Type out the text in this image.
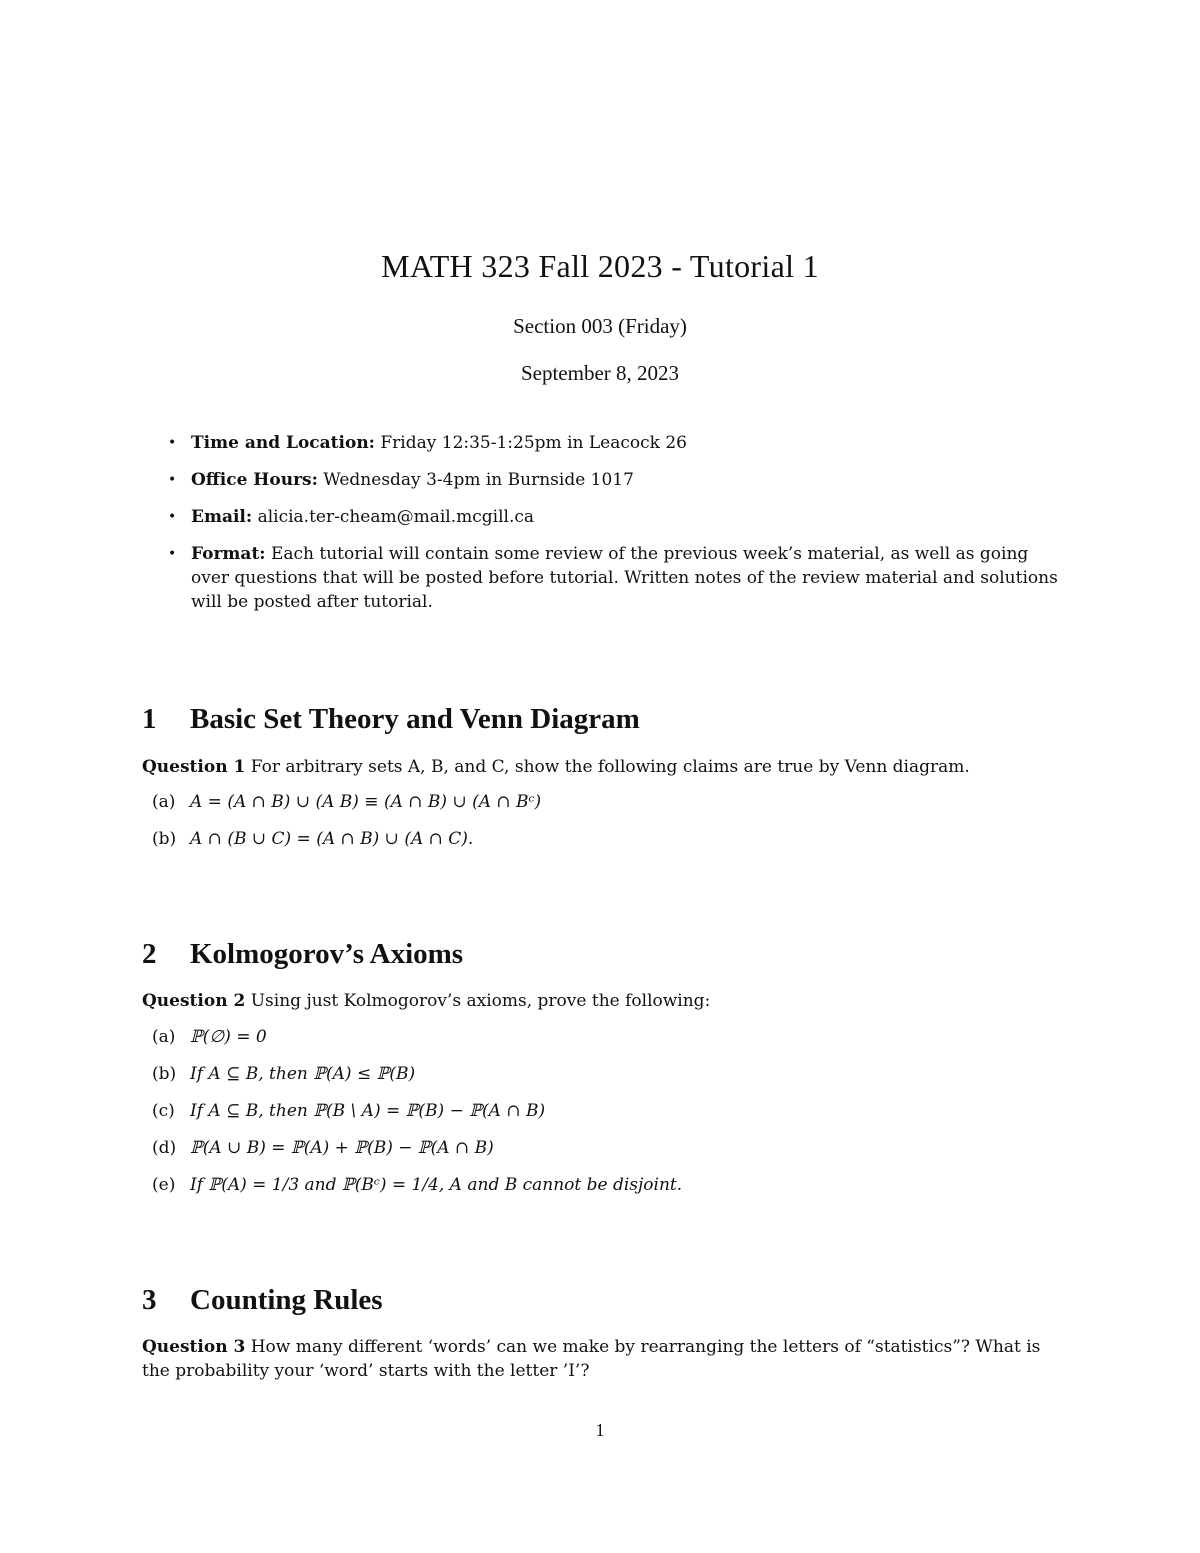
MATH 323 Fall 2023 - Tutorial 1

Section 003 (Friday)

September 8, 2023

• Time and Location: Friday 12:35-1:25pm in Leacock 26
• Office Hours: Wednesday 3-4pm in Burnside 1017
• Email: alicia.ter-cheam@mail.mcgill.ca
• Format: Each tutorial will contain some review of the previous week’s material, as well as going over questions that will be posted before tutorial. Written notes of the review material and solutions will be posted after tutorial.
1 Basic Set Theory and Venn Diagram

Question 1 For arbitrary sets A, B, and C, show the following claims are true by Venn diagram.

(a) A = (A ∩ B) ∪ (A B) ≡ (A ∩ B) ∪ (A ∩ Bᶜ)
(b) A ∩ (B ∪ C) = (A ∩ B) ∪ (A ∩ C).
2 Kolmogorov’s Axioms

Question 2 Using just Kolmogorov’s axioms, prove the following:

(a) ℙ(∅) = 0
(b) If A ⊆ B, then ℙ(A) ≤ ℙ(B)
(c) If A ⊆ B, then ℙ(B \ A) = ℙ(B) − ℙ(A ∩ B)
(d) ℙ(A ∪ B) = ℙ(A) + ℙ(B) − ℙ(A ∩ B)
(e) If ℙ(A) = 1/3 and ℙ(Bᶜ) = 1/4, A and B cannot be disjoint.
3 Counting Rules

Question 3 How many different ‘words’ can we make by rearranging the letters of “statistics”? What is the probability your ‘word’ starts with the letter ’I’?

1
